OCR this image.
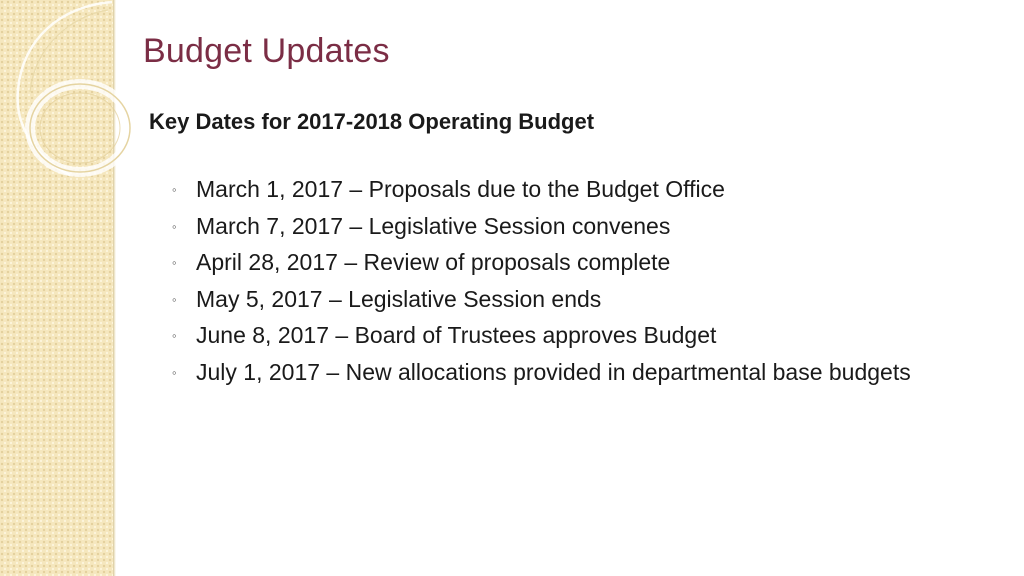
Budget Updates
Key Dates for 2017-2018 Operating Budget
◦ March 1, 2017 – Proposals due to the Budget Office
◦ March 7, 2017 – Legislative Session convenes
◦ April 28, 2017 – Review of proposals complete
◦ May 5, 2017 – Legislative Session ends
◦ June 8, 2017 – Board of Trustees approves Budget
◦ July 1, 2017 – New allocations provided in departmental base budgets
